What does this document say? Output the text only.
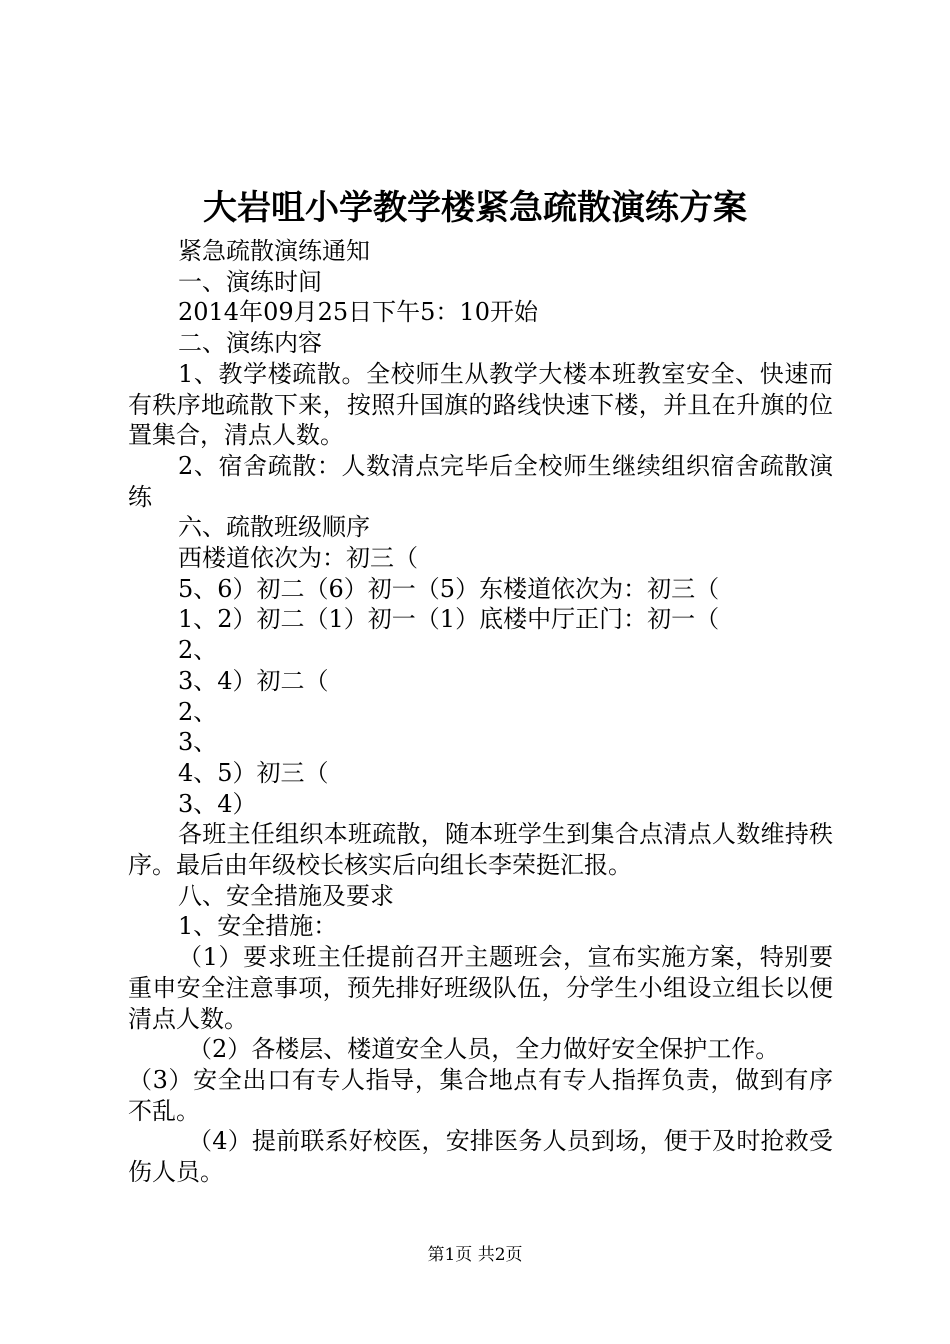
大岩咀小学教学楼紧急疏散演练方案

紧急疏散演练通知

一、演练时间

2014年09月25日下午5：10开始

二、演练内容

1、教学楼疏散。全校师生从教学大楼本班教室安全、快速而有秩序地疏散下来，按照升国旗的路线快速下楼，并且在升旗的位置集合，清点人数。

2、宿舍疏散：人数清点完毕后全校师生继续组织宿舍疏散演练

六、疏散班级顺序

西楼道依次为：初三（

5、6）初二（6）初一（5）东楼道依次为：初三（

1、2）初二（1）初一（1）底楼中厅正门：初一（

2、

3、4）初二（

2、

3、

4、5）初三（

3、4）

各班主任组织本班疏散，随本班学生到集合点清点人数维持秩序。最后由年级校长核实后向组长李荣挺汇报。

八、安全措施及要求

1、安全措施：

（1）要求班主任提前召开主题班会，宣布实施方案，特别要重申安全注意事项，预先排好班级队伍，分学生小组设立组长以便清点人数。

（2）各楼层、楼道安全人员，全力做好安全保护工作。

（3）安全出口有专人指导，集合地点有专人指挥负责，做到有序不乱。

（4）提前联系好校医，安排医务人员到场，便于及时抢救受伤人员。

第1页 共2页
